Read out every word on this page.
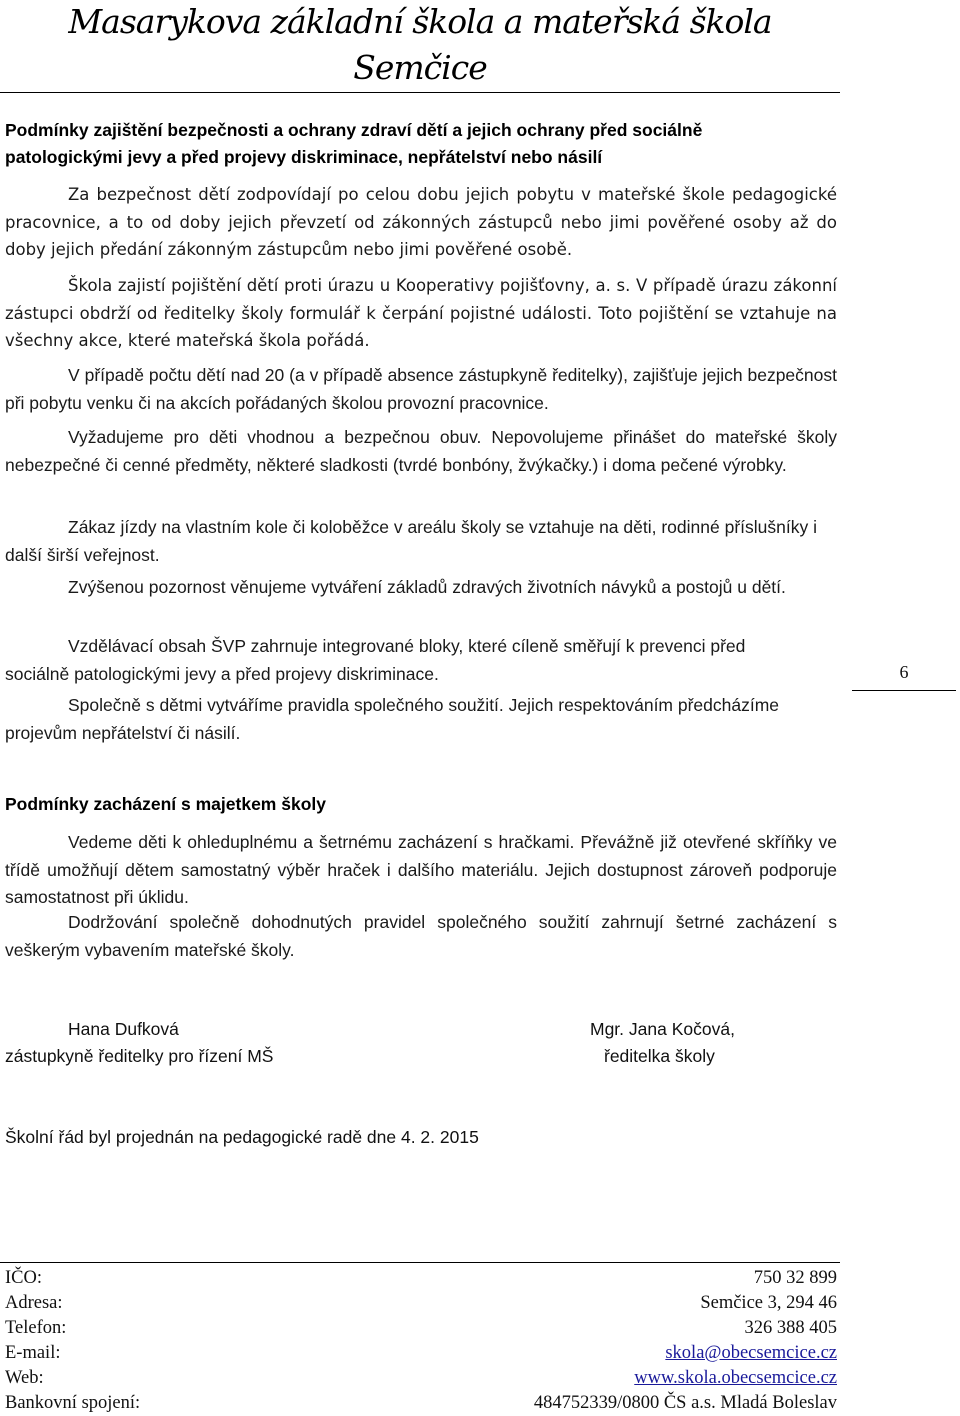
Masarykova základní škola a mateřská škola
Semčice
Podmínky zajištění bezpečnosti a ochrany zdraví dětí a jejich ochrany před sociálně
patologickými jevy a před projevy diskriminace, nepřátelství nebo násilí
Za bezpečnost dětí zodpovídají po celou dobu jejich pobytu v mateřské škole pedagogické pracovnice, a to od doby jejich převzetí od zákonných zástupců nebo jimi pověřené osoby až do doby jejich předání zákonným zástupcům nebo jimi pověřené osobě.
Škola zajistí pojištění dětí proti úrazu u Kooperativy pojišťovny, a. s. V případě úrazu zákonní zástupci obdrží od ředitelky školy formulář k čerpání pojistné události. Toto pojištění se vztahuje na všechny akce, které mateřská škola pořádá.
V případě počtu dětí nad 20 (a v případě absence zástupkyně ředitelky), zajišťuje jejich bezpečnost při pobytu venku či na akcích pořádaných školou provozní pracovnice.
Vyžadujeme pro děti vhodnou a bezpečnou obuv. Nepovolujeme přinášet do mateřské školy nebezpečné či cenné předměty, některé sladkosti (tvrdé bonbóny, žvýkačky.) i doma pečené výrobky.
Zákaz jízdy na vlastním kole či koloběžce v areálu školy se vztahuje na děti, rodinné příslušníky i další širší veřejnost.
Zvýšenou pozornost věnujeme vytváření základů zdravých životních návyků a postojů u dětí.
Vzdělávací obsah ŠVP zahrnuje integrované bloky, které cíleně směřují k prevenci před sociálně patologickými jevy a před projevy diskriminace.
Společně s dětmi vytváříme pravidla společného soužití. Jejich respektováním předcházíme projevům nepřátelství či násilí.
6
Podmínky zacházení s majetkem školy
Vedeme děti k ohleduplnému a šetrnému zacházení s hračkami. Převážně již otevřené skříňky ve třídě umožňují dětem samostatný výběr hraček i dalšího materiálu. Jejich dostupnost zároveň podporuje samostatnost při úklidu.
Dodržování společně dohodnutých pravidel společného soužití zahrnují šetrné zacházení s veškerým vybavením mateřské školy.
Hana Dufková
zástupkyně ředitelky pro řízení MŠ
Mgr. Jana Kočová,
ředitelka školy
Školní řád byl projednán na pedagogické radě dne 4. 2. 2015
IČO:	750 32 899
Adresa:	Semčice 3, 294 46
Telefon:	326 388 405
E-mail:	skola@obecsemcice.cz
Web:	www.skola.obecsemcice.cz
Bankovní spojení:	484752339/0800 ČS a.s. Mladá Boleslav
